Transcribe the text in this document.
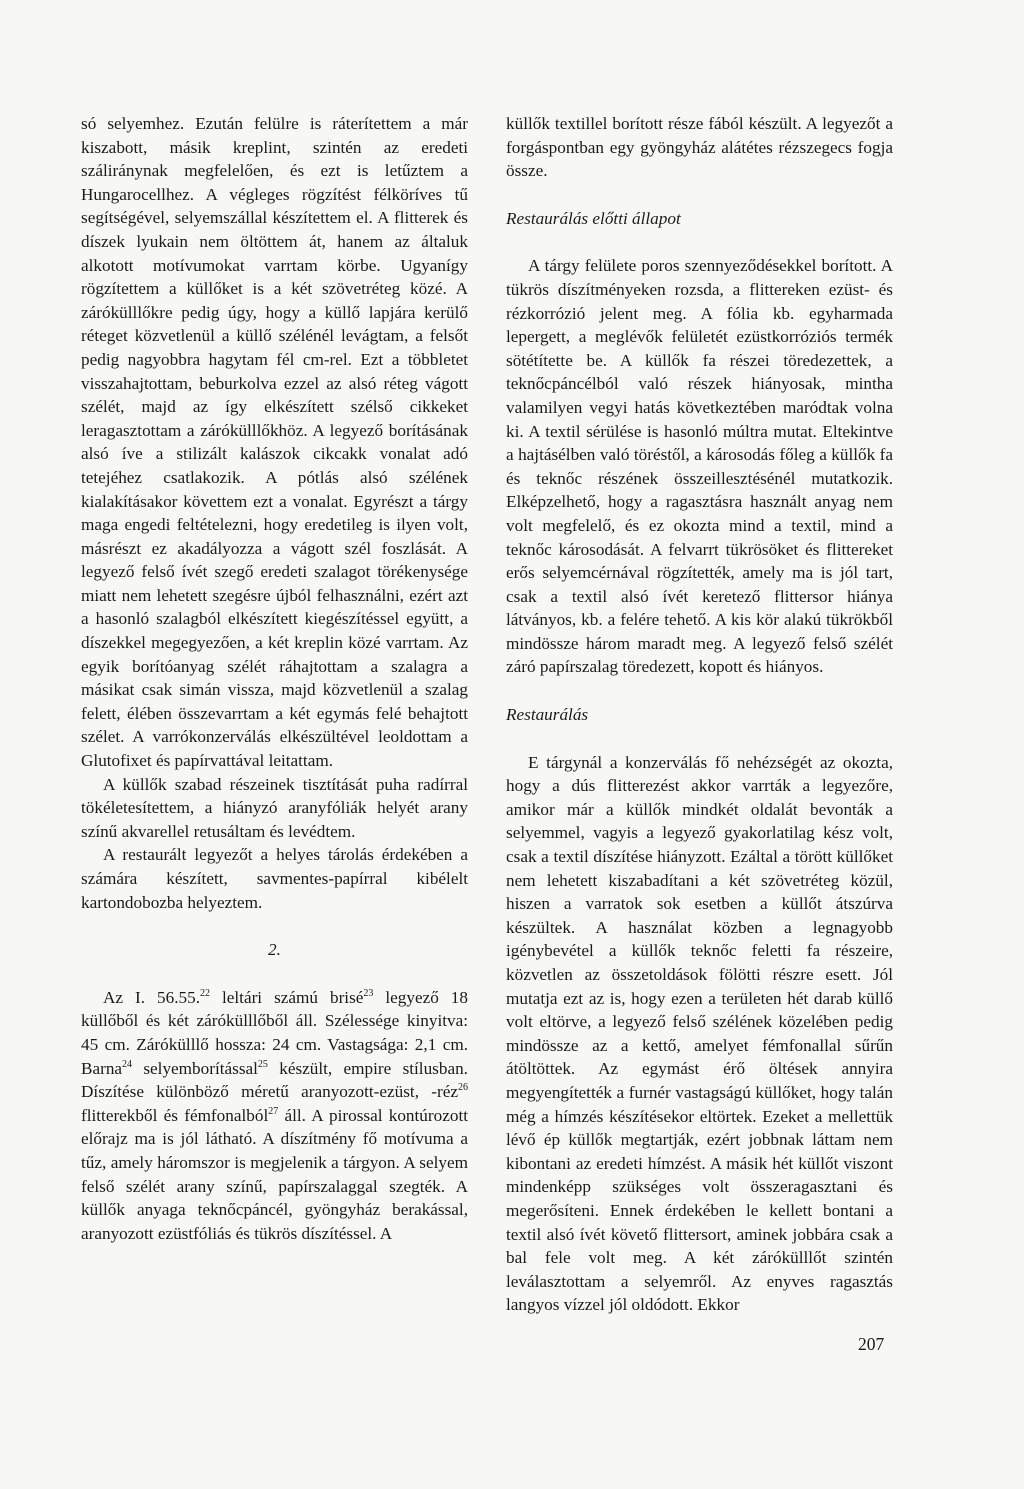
só selyemhez. Ezután felülre is ráterítettem a már kiszabott, másik kreplint, szintén az eredeti száliránynak megfelelően, és ezt is letűztem a Hungarocellhez. A végleges rögzítést félköríves tű segítségével, selyemszállal készítettem el. A flitterek és díszek lyukain nem öltöttem át, hanem az általuk alkotott motívumokat varrtam körbe. Ugyanígy rögzítettem a küllőket is a két szövetréteg közé. A zárókülllőkre pedig úgy, hogy a küllő lapjára kerülő réteget közvetlenül a küllő szélénél levágtam, a felsőt pedig nagyobbra hagytam fél cm-rel. Ezt a többletet visszahajtottam, beburkolva ezzel az alsó réteg vágott szélét, majd az így elkészített szélső cikkeket leragasztottam a zárókülllőkhöz. A legyező borításának alsó íve a stilizált kalászok cikcakk vonalat adó tetejéhez csatlakozik. A pótlás alsó szélének kialakításakor követtem ezt a vonalat. Egyrészt a tárgy maga engedi feltételezni, hogy eredetileg is ilyen volt, másrészt ez akadályozza a vágott szél foszlását. A legyező felső ívét szegő eredeti szalagot törékenysége miatt nem lehetett szegésre újból felhasználni, ezért azt a hasonló szalagból elkészített kiegészítéssel együtt, a díszekkel megegyezően, a két kreplin közé varrtam. Az egyik borítóanyag szélét ráhajtottam a szalagra a másikat csak simán vissza, majd közvetlenül a szalag felett, élében összevarrtam a két egymás felé behajtott szélet. A varrókonzerválás elkészültével leoldottam a Glutofixet és papírvattával leitattam.

A küllők szabad részeinek tisztítását puha radírral tökéletesítettem, a hiányzó aranyfóliák helyét arany színű akvarellel retusáltam és levédtem.

A restaurált legyezőt a helyes tárolás érdekében a számára készített, savmentes-papírral kibélelt kartondobozba helyeztem.

2.

Az I. 56.55.22 leltári számú brisé$^{23}$ legyező 18 küllőből és két zárókülllőből áll. Szélessége kinyitva: 45 cm. Zárókülllő hossza: 24 cm. Vastagsága: 2,1 cm. Barna$^{24}$ selyemborítással$^{25}$ készült, empire stílusban. Díszítése különböző méretű aranyozott-ezüst, -réz$^{26}$ flitterekből és fémfonalból$^{27}$ áll. A pirossal kontúrozott előrajz ma is jól látható. A díszítmény fő motívuma a tűz, amely háromszor is megjelenik a tárgyon. A selyem felső szélét arany színű, papírszalaggal szegték. A küllők anyaga teknőcpáncél, gyöngyház berakással, aranyozott ezüstfóliás és tükrös díszítéssel. A

küllők textillel borított része fából készült. A legyezőt a forgáspontban egy gyöngyház alátétes rézszegecs fogja össze.

Restaurálás előtti állapot

A tárgy felülete poros szennyeződésekkel borított. A tükrös díszítményeken rozsda, a flittereken ezüst- és rézkorrózió jelent meg. A fólia kb. egyharmada lepergett, a meglévők felületét ezüstkorróziós termék sötétítette be. A küllők fa részei töredezettek, a teknőcpáncélból való részek hiányosak, mintha valamilyen vegyi hatás következtében maródtak volna ki. A textil sérülése is hasonló múltra mutat. Eltekintve a hajtásélben való töréstől, a károsodás főleg a küllők fa és teknőc részének összeillesztésénél mutatkozik. Elképzelhető, hogy a ragasztásra használt anyag nem volt megfelelő, és ez okozta mind a textil, mind a teknőc károsodását. A felvarrt tükrösöket és flittereket erős selyemcérnával rögzítették, amely ma is jól tart, csak a textil alsó ívét keretező flittersor hiánya látványos, kb. a felére tehető. A kis kör alakú tükrökből mindössze három maradt meg. A legyező felső szélét záró papírszalag töredezett, kopott és hiányos.

Restaurálás

E tárgynál a konzerválás fő nehézségét az okozta, hogy a dús flitterezést akkor varrták a legyezőre, amikor már a küllők mindkét oldalát bevonták a selyemmel, vagyis a legyező gyakorlatilag kész volt, csak a textil díszítése hiányzott. Ezáltal a törött küllőket nem lehetett kiszabadítani a két szövetréteg közül, hiszen a varratok sok esetben a küllőt átszúrva készültek. A használat közben a legnagyobb igénybevétel a küllők teknőc feletti fa részeire, közvetlen az összetoldások fölötti részre esett. Jól mutatja ezt az is, hogy ezen a területen hét darab küllő volt eltörve, a legyező felső szélének közelében pedig mindössze az a kettő, amelyet fémfonallal sűrűn átöltöttek. Az egymást érő öltések annyira megyengítették a furnér vastagságú küllőket, hogy talán még a hímzés készítésekor eltörtek. Ezeket a mellettük lévő ép küllők megtartják, ezért jobbnak láttam nem kibontani az eredeti hímzést. A másik hét küllőt viszont mindenképp szükséges volt összeragasztani és megerősíteni. Ennek érdekében le kellett bontani a textil alsó ívét követő flittersort, aminek jobbára csak a bal fele volt meg. A két zárókülllőt szintén leválasztottam a selyemről. Az enyves ragasztás langyos vízzel jól oldódott. Ekkor

207
